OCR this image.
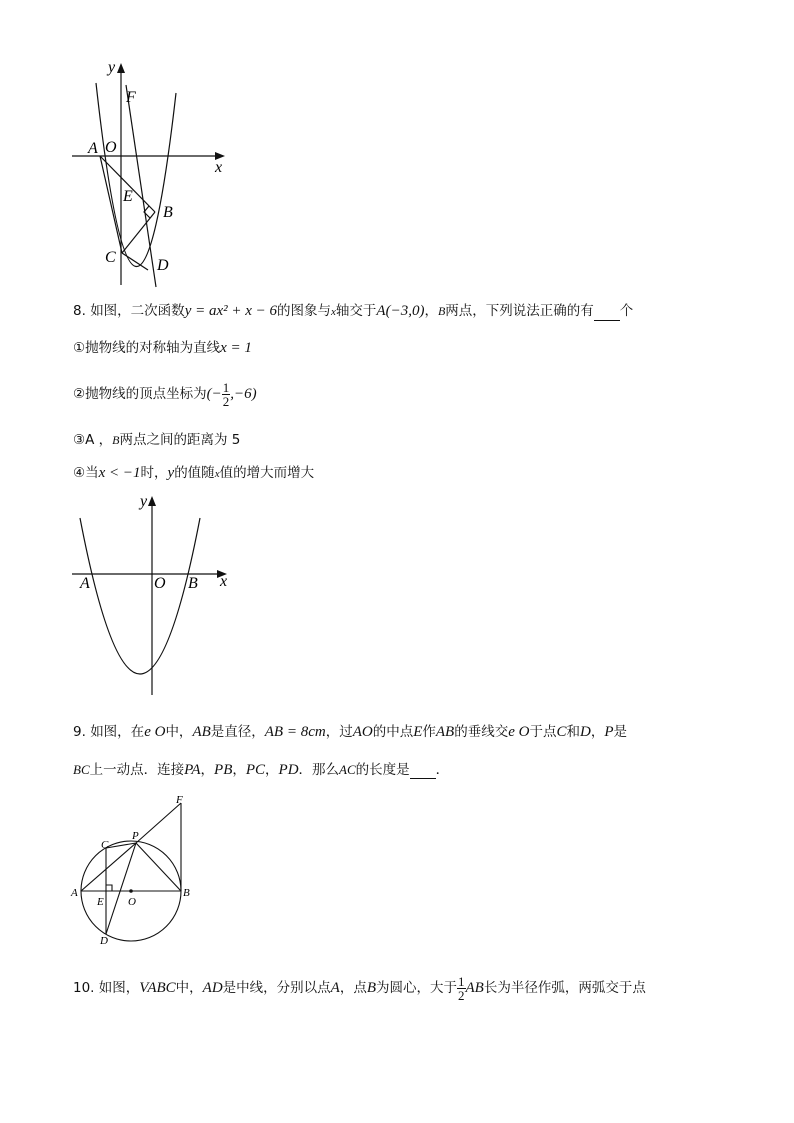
y
F
A O
x
E
B
C	D
8. 如图，二次函数y = ax² + x − 6的图象与x轴交于A(−3,0)，B两点，下列说法正确的有 个
①抛物线的对称轴为直线x = 1
②抛物线的顶点坐标为(− $\frac{1}{2} ,-6$)
③A ，B两点之间的距离为 5
④当x < −1时，y的值随x值的增大而增大
y
A	O B x
9. 如图，在e O中，AB是直径，AB = 8cm，过AO的中点E作AB的垂线交e O于点C和D，P是
BC上一动点．连接PA，PB，PC，PD．那么AC的长度是 ．
F
P
C
A
E O
B
D
10. 如图，VABC中，AD是中线，分别以点A，点B为圆心，大于 $\frac{1}{2}$ AB长为半径作弧，两弧交于点
